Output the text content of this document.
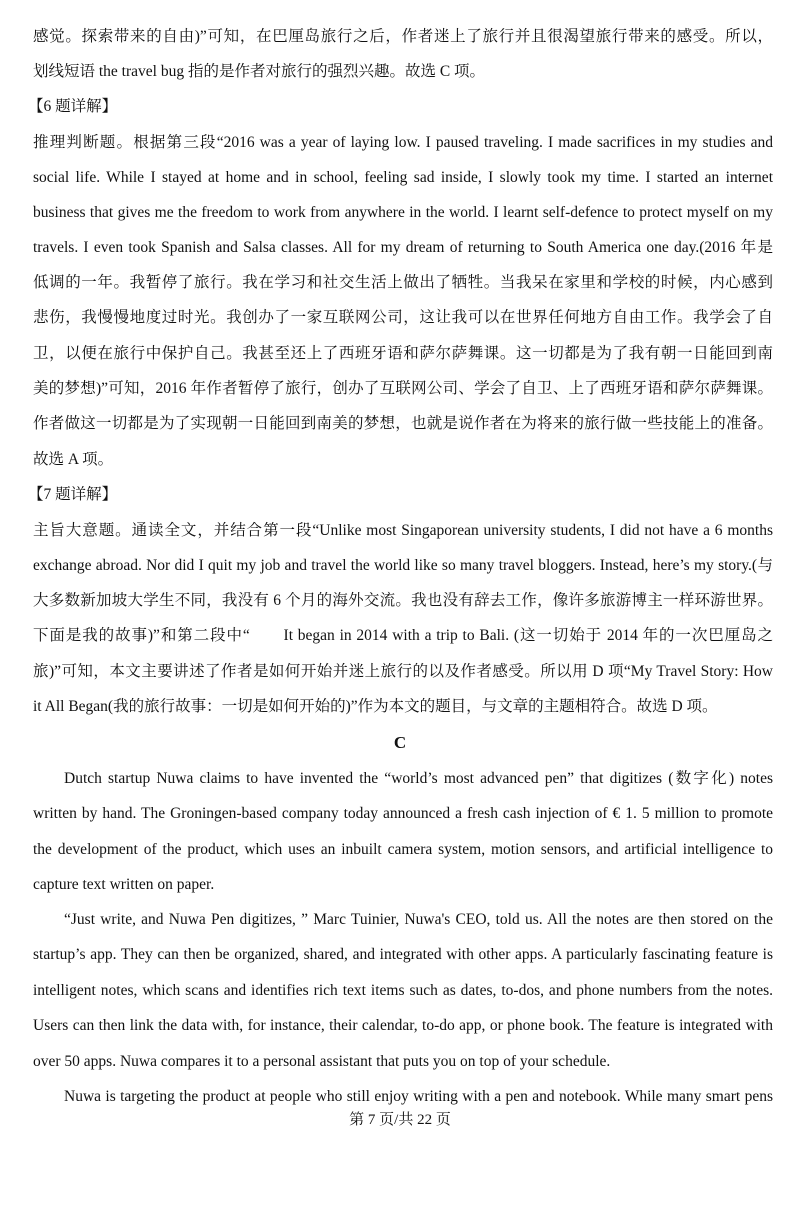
感觉。探索带来的自由)”可知，在巴厘岛旅行之后，作者迷上了旅行并且很渴望旅行带来的感受。所以，
划线短语 the travel bug 指的是作者对旅行的强烈兴趣。故选 C 项。
【6 题详解】
推理判断题。根据第三段“2016 was a year of laying low. I paused traveling. I made sacrifices in my studies and
social life. While I stayed at home and in school, feeling sad inside, I slowly took my time. I started an internet
business that gives me the freedom to work from anywhere in the world. I learnt self-defence to protect myself on my
travels. I even took Spanish and Salsa classes. All for my dream of returning to South America one day.(2016 年是
低调的一年。我暂停了旅行。我在学习和社交生活上做出了牺牲。当我呆在家里和学校的时候，内心感到
悲伤，我慢慢地度过时光。我创办了一家互联网公司，这让我可以在世界任何地方自由工作。我学会了自
卫，以便在旅行中保护自己。我甚至还上了西班牙语和萨尔萨舞课。这一切都是为了我有朝一日能回到南
美的梦想)”可知，2016 年作者暂停了旅行，创办了互联网公司、学会了自卫、上了西班牙语和萨尔萨舞课。
作者做这一切都是为了实现朝一日能回到南美的梦想，也就是说作者在为将来的旅行做一些技能上的准备。
故选 A 项。
【7 题详解】
主旨大意题。通读全文，并结合第一段“Unlike most Singaporean university students, I did not have a 6 months
exchange abroad. Nor did I quit my job and travel the world like so many travel bloggers. Instead, here’s my story.(与
大多数新加坡大学生不同，我没有 6 个月的海外交流。我也没有辞去工作，像许多旅游博主一样环游世界。
下面是我的故事)”和第二段中“　　It began in 2014 with a trip to Bali. (这一切始于 2014 年的一次巴厘岛之
旅)”可知，本文主要讲述了作者是如何开始并迷上旅行的以及作者感受。所以用 D 项“My Travel Story: How
it All Began(我的旅行故事：一切是如何开始的)”作为本文的题目，与文章的主题相符合。故选 D 项。
C
Dutch startup Nuwa claims to have invented the “world’s most advanced pen” that digitizes (数字化) notes
written by hand. The Groningen-based company today announced a fresh cash injection of € 1. 5 million to promote
the development of the product, which uses an inbuilt camera system, motion sensors, and artificial intelligence to
capture text written on paper.
“Just write, and Nuwa Pen digitizes, ” Marc Tuinier, Nuwa's CEO, told us. All the notes are then stored on the
startup’s app. They can then be organized, shared, and integrated with other apps. A particularly fascinating feature is
intelligent notes, which scans and identifies rich text items such as dates, to-dos, and phone numbers from the notes.
Users can then link the data with, for instance, their calendar, to-do app, or phone book. The feature is integrated with
over 50 apps. Nuwa compares it to a personal assistant that puts you on top of your schedule.
Nuwa is targeting the product at people who still enjoy writing with a pen and notebook. While many smart pens
第 7 页/共 22 页
